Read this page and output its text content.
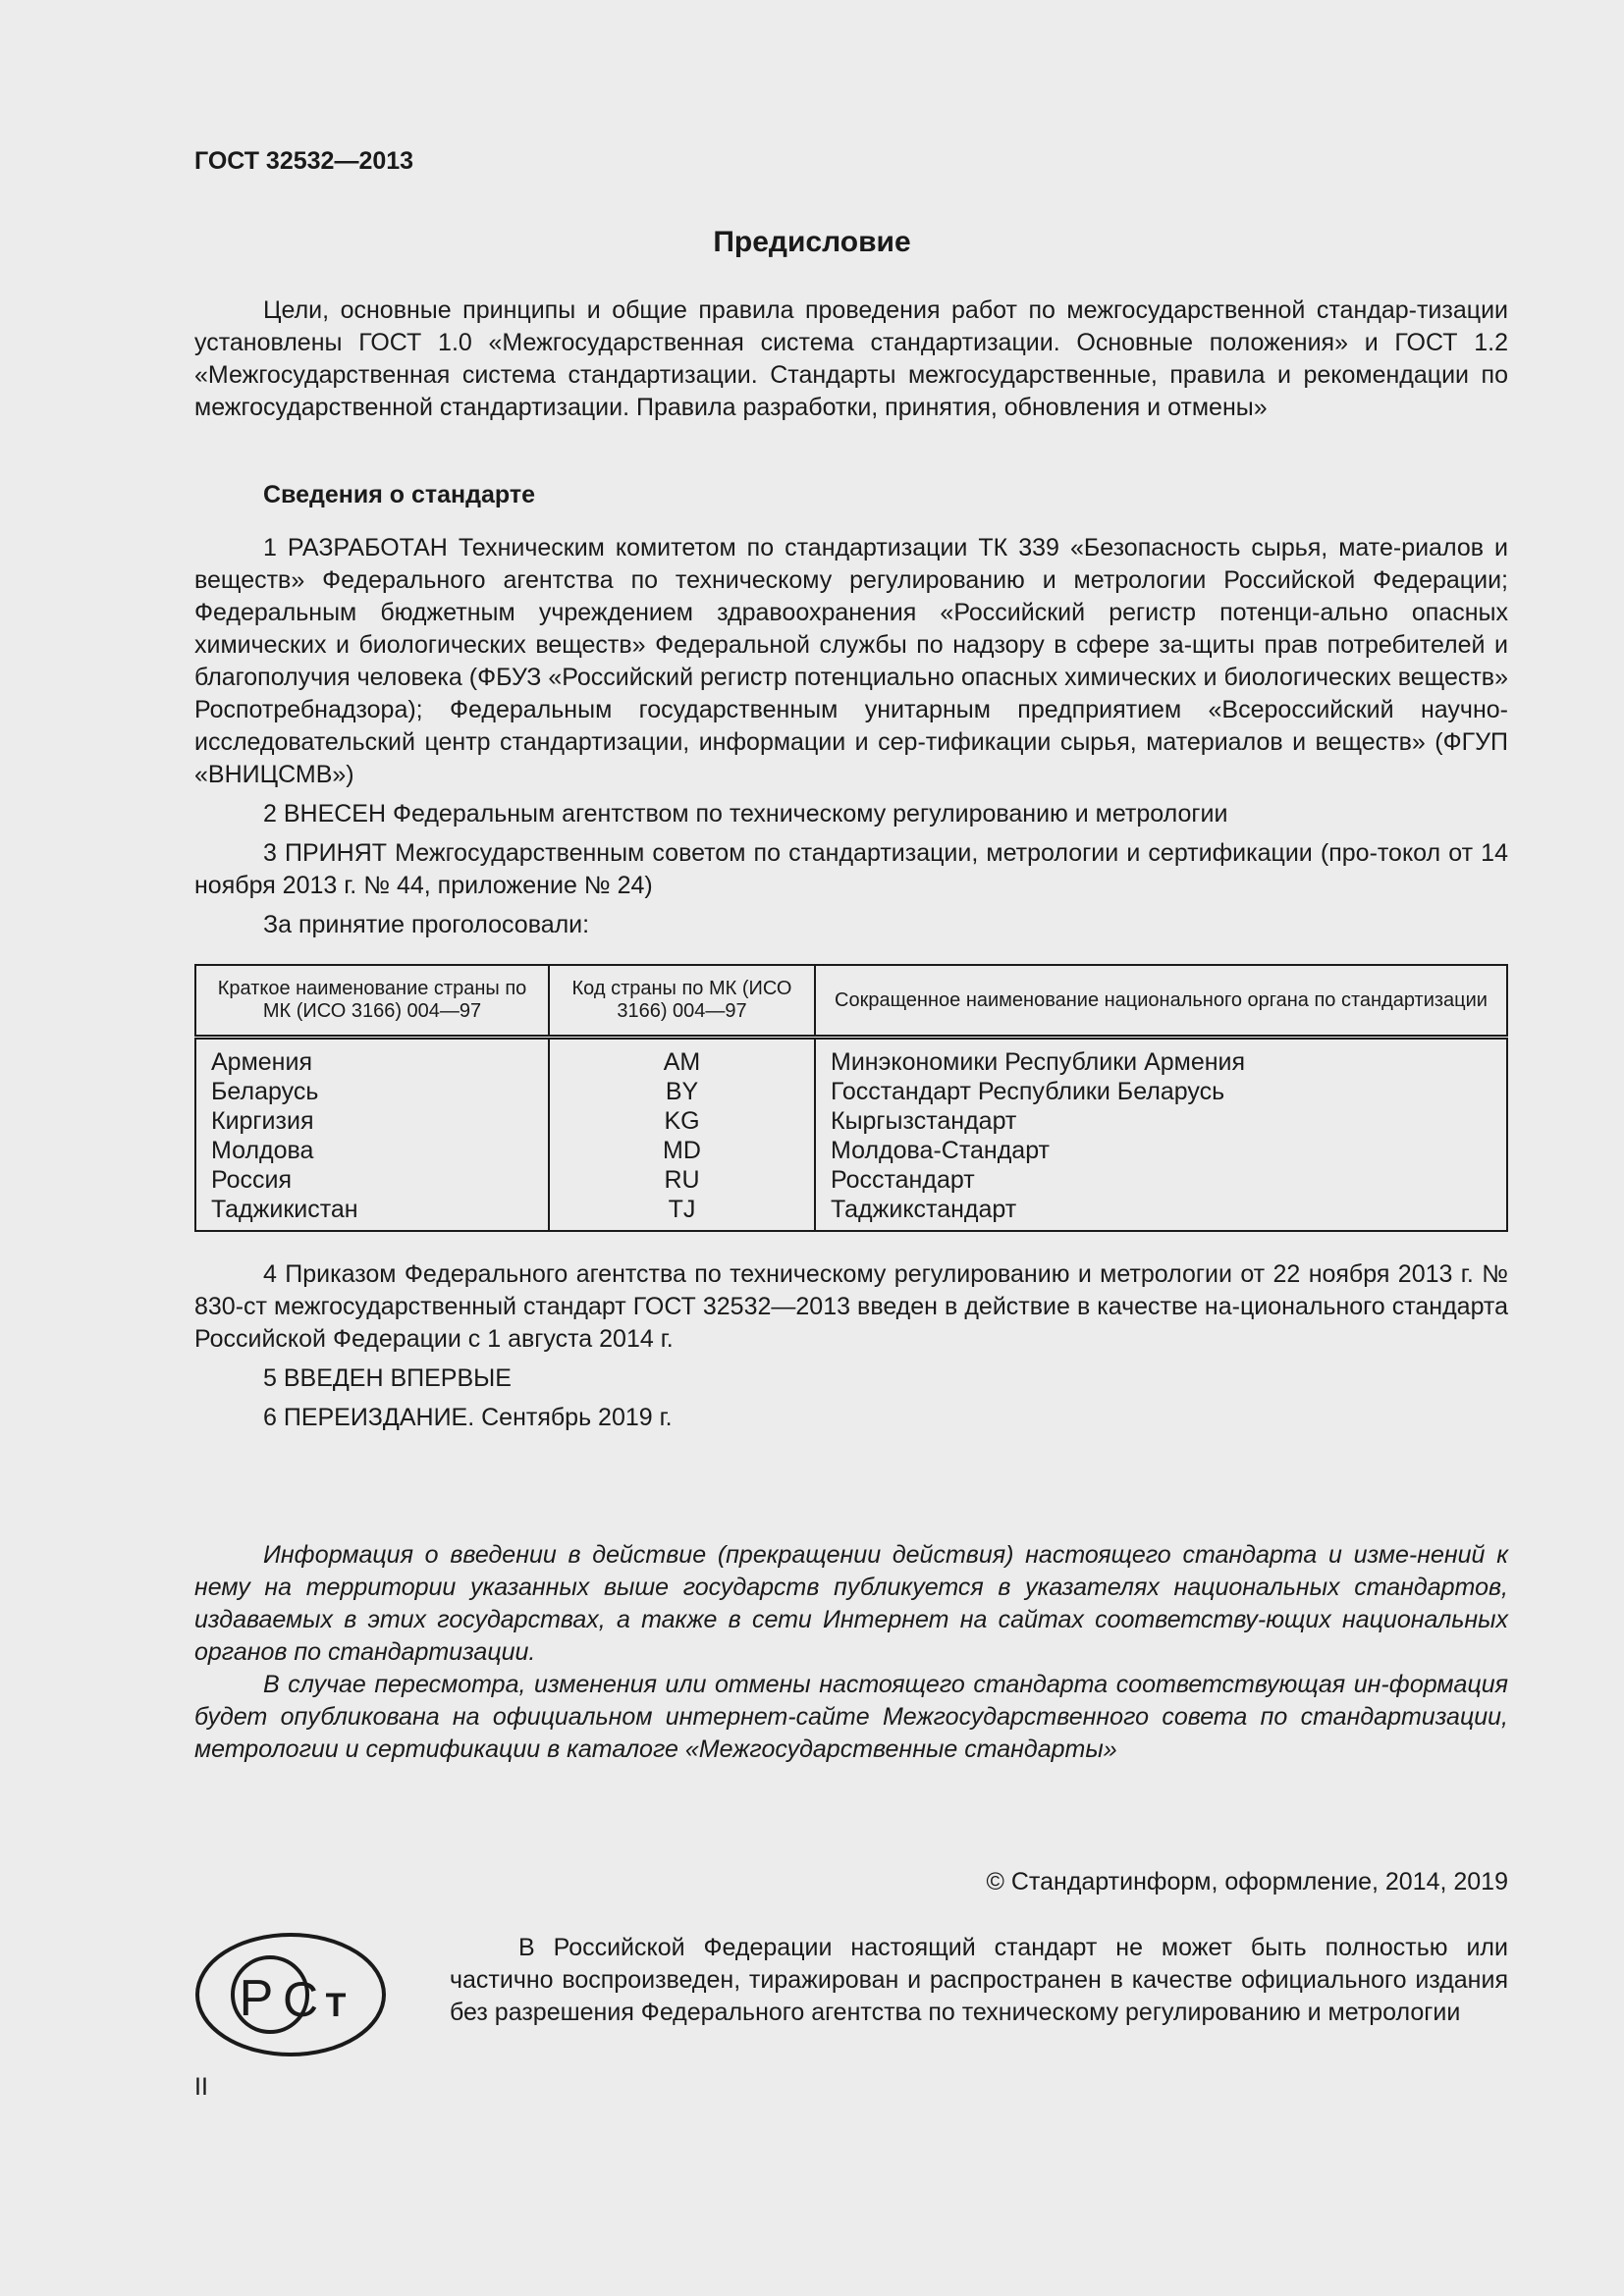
ГОСТ 32532—2013
Предисловие

Цели, основные принципы и общие правила проведения работ по межгосударственной стандар-тизации установлены ГОСТ 1.0 «Межгосударственная система стандартизации. Основные положения» и ГОСТ 1.2 «Межгосударственная система стандартизации. Стандарты межгосударственные, правила и рекомендации по межгосударственной стандартизации. Правила разработки, принятия, обновления и отмены»

Сведения о стандарте

1 РАЗРАБОТАН Техническим комитетом по стандартизации ТК 339 «Безопасность сырья, мате-риалов и веществ» Федерального агентства по техническому регулированию и метрологии Российской Федерации; Федеральным бюджетным учреждением здравоохранения «Российский регистр потенци-ально опасных химических и биологических веществ» Федеральной службы по надзору в сфере за-щиты прав потребителей и благополучия человека (ФБУЗ «Российский регистр потенциально опасных химических и биологических веществ» Роспотребнадзора); Федеральным государственным унитарным предприятием «Всероссийский научно-исследовательский центр стандартизации, информации и сер-тификации сырья, материалов и веществ» (ФГУП «ВНИЦСМВ»)

2 ВНЕСЕН Федеральным агентством по техническому регулированию и метрологии

3 ПРИНЯТ Межгосударственным советом по стандартизации, метрологии и сертификации (про-токол от 14 ноября 2013 г. № 44, приложение № 24)

За принятие проголосовали:

Краткое наименование страны по МК (ИСО 3166) 004—97	Код страны по МК (ИСО 3166) 004—97	Сокращенное наименование национального органа по стандартизации
Армения	AM	Минэкономики Республики Армения
Беларусь	BY	Госстандарт Республики Беларусь
Киргизия	KG	Кыргызстандарт
Молдова	MD	Молдова-Стандарт
Россия	RU	Росстандарт
Таджикистан	TJ	Таджикстандарт

4 Приказом Федерального агентства по техническому регулированию и метрологии от 22 ноября 2013 г. № 830-ст межгосударственный стандарт ГОСТ 32532—2013 введен в действие в качестве на-ционального стандарта Российской Федерации с 1 августа 2014 г.

5 ВВЕДЕН ВПЕРВЫЕ

6 ПЕРЕИЗДАНИЕ. Сентябрь 2019 г.

Информация о введении в действие (прекращении действия) настоящего стандарта и изме-нений к нему на территории указанных выше государств публикуется в указателях национальных стандартов, издаваемых в этих государствах, а также в сети Интернет на сайтах соответству-ющих национальных органов по стандартизации.

В случае пересмотра, изменения или отмены настоящего стандарта соответствующая ин-формация будет опубликована на официальном интернет-сайте Межгосударственного совета по стандартизации, метрологии и сертификации в каталоге «Межгосударственные стандарты»

© Стандартинформ, оформление, 2014, 2019
Р С Т
В Российской Федерации настоящий стандарт не может быть полностью или частично воспроизведен, тиражирован и распространен в качестве официального издания без разрешения Федерального агентства по техническому регулированию и метрологии
II
